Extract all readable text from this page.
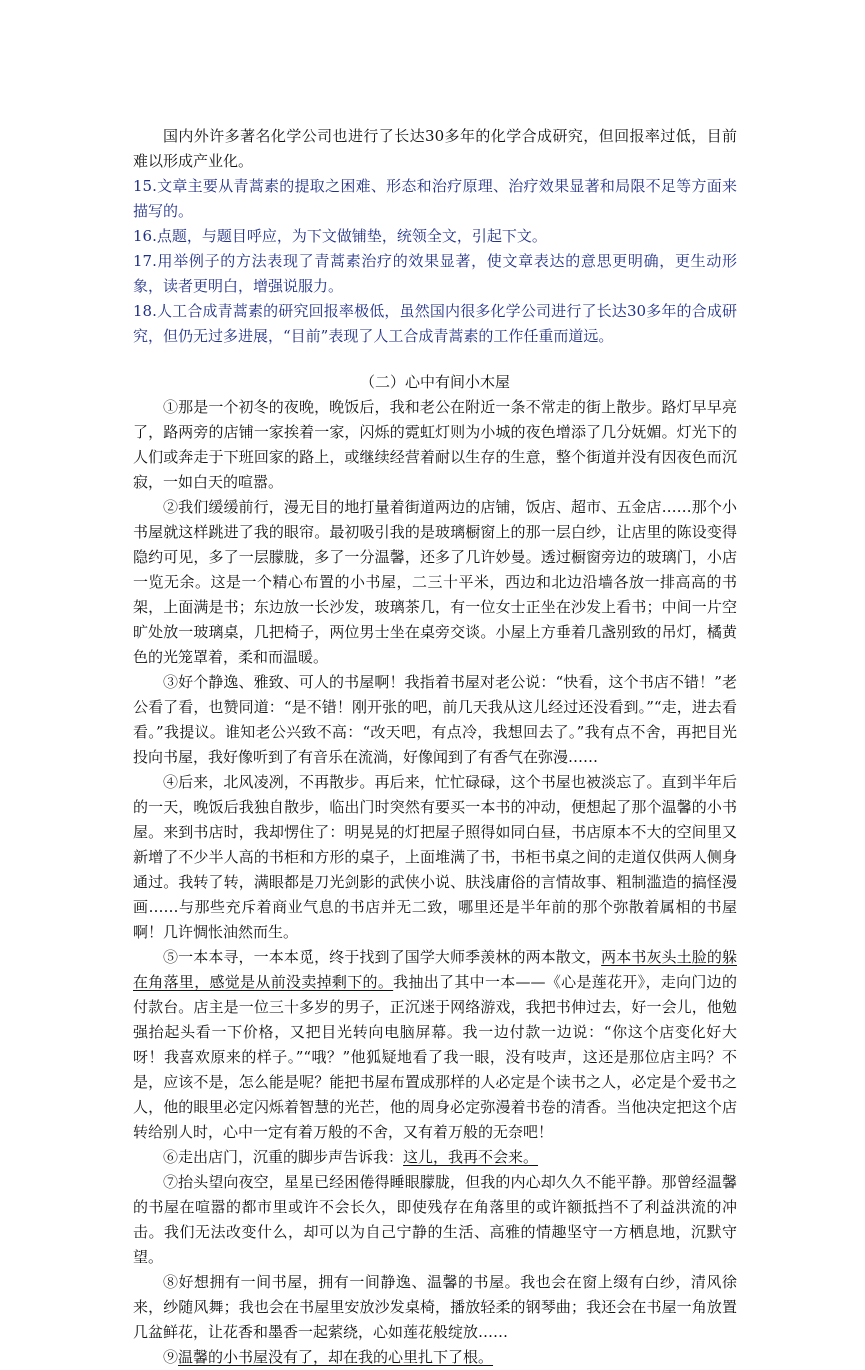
国内外许多著名化学公司也进行了长达30多年的化学合成研究，但回报率过低，目前难以形成产业化。

15.文章主要从青蒿素的提取之困难、形态和治疗原理、治疗效果显著和局限不足等方面来描写的。

16.点题，与题目呼应，为下文做铺垫，统领全文，引起下文。

17.用举例子的方法表现了青蒿素治疗的效果显著，使文章表达的意思更明确，更生动形象，读者更明白，增强说服力。

18.人工合成青蒿素的研究回报率极低，虽然国内很多化学公司进行了长达30多年的合成研究，但仍无过多进展，“目前”表现了人工合成青蒿素的工作任重而道远。

（二）心中有间小木屋

①那是一个初冬的夜晚，晚饭后，我和老公在附近一条不常走的街上散步。路灯早早亮了，路两旁的店铺一家挨着一家，闪烁的霓虹灯则为小城的夜色增添了几分妩媚。灯光下的人们或奔走于下班回家的路上，或继续经营着耐以生存的生意，整个街道并没有因夜色而沉寂，一如白天的喧嚣。

②我们缓缓前行，漫无目的地打量着街道两边的店铺，饭店、超市、五金店……那个小书屋就这样跳进了我的眼帘。最初吸引我的是玻璃橱窗上的那一层白纱，让店里的陈设变得隐约可见，多了一层朦胧，多了一分温馨，还多了几许妙曼。透过橱窗旁边的玻璃门，小店一览无余。这是一个精心布置的小书屋，二三十平米，西边和北边沿墙各放一排高高的书架，上面满是书；东边放一长沙发，玻璃茶几，有一位女士正坐在沙发上看书；中间一片空旷处放一玻璃桌，几把椅子，两位男士坐在桌旁交谈。小屋上方垂着几盏别致的吊灯，橘黄色的光笼罩着，柔和而温暖。

③好个静逸、雅致、可人的书屋啊！我指着书屋对老公说：“快看，这个书店不错！”老公看了看，也赞同道：“是不错！刚开张的吧，前几天我从这儿经过还没看到。”“走，进去看看。”我提议。谁知老公兴致不高：“改天吧，有点冷，我想回去了。”我有点不舍，再把目光投向书屋，我好像听到了有音乐在流淌，好像闻到了有香气在弥漫……

④后来，北风凌冽，不再散步。再后来，忙忙碌碌，这个书屋也被淡忘了。直到半年后的一天，晚饭后我独自散步，临出门时突然有要买一本书的冲动，便想起了那个温馨的小书屋。来到书店时，我却愣住了：明晃晃的灯把屋子照得如同白昼，书店原本不大的空间里又新增了不少半人高的书柜和方形的桌子，上面堆满了书，书柜书桌之间的走道仅供两人侧身通过。我转了转，满眼都是刀光剑影的武侠小说、肤浅庸俗的言情故事、粗制滥造的搞怪漫画……与那些充斥着商业气息的书店并无二致，哪里还是半年前的那个弥散着属相的书屋啊！几许惆怅油然而生。

⑤一本本寻，一本本觅，终于找到了国学大师季羡林的两本散文，两本书灰头土脸的躲在角落里，感觉是从前没卖掉剩下的。我抽出了其中一本——《心是莲花开》，走向门边的付款台。店主是一位三十多岁的男子，正沉迷于网络游戏，我把书伸过去，好一会儿，他勉强抬起头看一下价格，又把目光转向电脑屏幕。我一边付款一边说：“你这个店变化好大呀！我喜欢原来的样子。”“哦？”他狐疑地看了我一眼，没有吱声，这还是那位店主吗？不是，应该不是，怎么能是呢？能把书屋布置成那样的人必定是个读书之人，必定是个爱书之人，他的眼里必定闪烁着智慧的光芒，他的周身必定弥漫着书卷的清香。当他决定把这个店转给别人时，心中一定有着万般的不舍，又有着万般的无奈吧！

⑥走出店门，沉重的脚步声告诉我：这儿，我再不会来。

⑦抬头望向夜空，星星已经困倦得睡眼朦胧，但我的内心却久久不能平静。那曾经温馨的书屋在喧嚣的都市里或许不会长久，即使残存在角落里的或许额抵挡不了利益洪流的冲击。我们无法改变什么，却可以为自己宁静的生活、高雅的情趣坚守一方栖息地，沉默守望。

⑧好想拥有一间书屋，拥有一间静逸、温馨的书屋。我也会在窗上缀有白纱，清风徐来，纱随风舞；我也会在书屋里安放沙发桌椅，播放轻柔的钢琴曲；我还会在书屋一角放置几盆鲜花，让花香和墨香一起萦绕，心如莲花般绽放……

⑨温馨的小书屋没有了，却在我的心里扎下了根。
